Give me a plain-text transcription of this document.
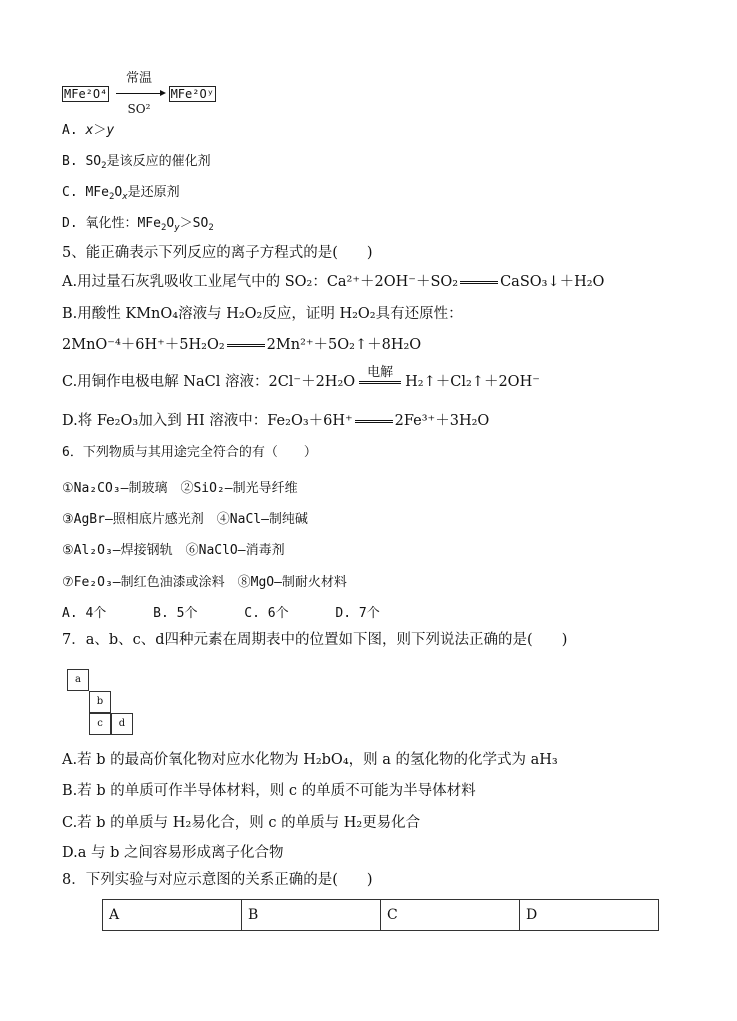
MFe²O⁴
常温
SO²
MFe²Oʸ
A. x＞y
B. $SO_2$是该反应的催化剂
C. $MFe_2O_x$是还原剂
D. 氧化性：$MFe_2O_y>SO_2$
5、能正确表示下列反应的离子方程式的是(　　)
A.用过量石灰乳吸收工业尾气中的 SO₂：Ca²⁺＋2OH⁻＋SO₂	CaSO₃↓＋H₂O
B.用酸性 KMnO₄溶液与 H₂O₂反应，证明 H₂O₂具有还原性：
2MnO⁻⁴＋6H⁺＋5H₂O₂	2Mn²⁺＋5O₂↑＋8H₂O
C.用铜作电极电解 NaCl 溶液：2Cl⁻＋2H₂O
电解
H₂↑＋Cl₂↑＋2OH⁻
D.将 Fe₂O₃加入到 HI 溶液中：Fe₂O₃＋6H⁺	2Fe³⁺＋3H₂O
6．下列物质与其用途完全符合的有（　　）
①Na₂CO₃—制玻璃　②SiO₂—制光导纤维
③AgBr—照相底片感光剂　④NaCl—制纯碱
⑤Al₂O₃—焊接钢轨　⑥NaClO—消毒剂
⑦Fe₂O₃—制红色油漆或涂料　⑧MgO—制耐火材料
A. 4个　　　 B. 5个　　　 C. 6个　　　 D. 7个
7．a、b、c、d四种元素在周期表中的位置如下图，则下列说法正确的是(　　)
a
b
c	d
A.若 b 的最高价氧化物对应水化物为 H₂bO₄，则 a 的氢化物的化学式为 aH₃
B.若 b 的单质可作半导体材料，则 c 的单质不可能为半导体材料
C.若 b 的单质与 H₂易化合，则 c 的单质与 H₂更易化合
D.a 与 b 之间容易形成离子化合物
8．下列实验与对应示意图的关系正确的是(　　)
A	B	C	D
